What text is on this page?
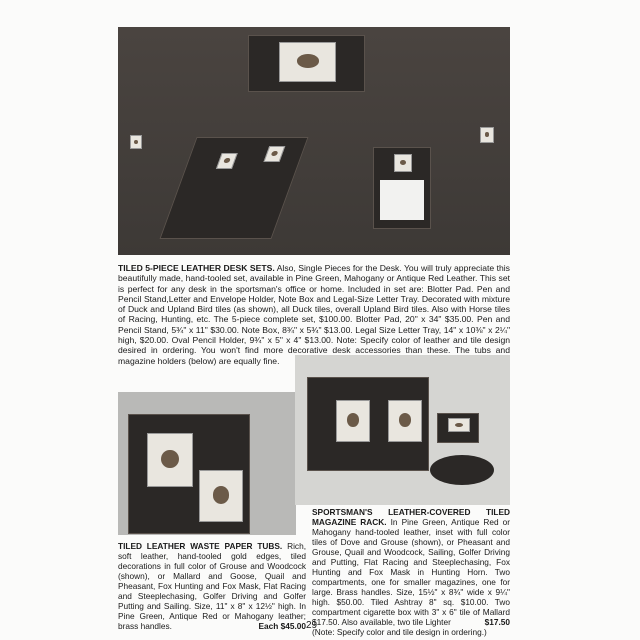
TILED 5-PIECE LEATHER DESK SETS. Also, Single Pieces for the Desk. You will truly appreciate this beautifully made, hand-tooled set, available in Pine Green, Mahogany or Antique Red Leather. This set is perfect for any desk in the sportsman's office or home. Included in set are: Blotter Pad. Pen and Pencil Stand,Letter and Envelope Holder, Note Box and Legal-Size Letter Tray. Decorated with mixture of Duck and Upland Bird tiles (as shown), all Duck tiles, overall Upland Bird tiles. Also with Horse tiles of Racing, Hunting, etc. The 5-piece complete set, $100.00. Blotter Pad, 20" x 34" $35.00. Pen and Pencil Stand, 5¾" x 11" $30.00. Note Box, 8¾" x 5¾" $13.00. Legal Size Letter Tray, 14" x 10⅜" x 2¼" high, $20.00. Oval Pencil Holder, 9¾" x 5" x 4" $13.00. Note: Specify color of leather and tile design desired in ordering. You won't find more decorative desk accessories than these. The tubs and magazine holders (below) are equally fine.
TILED LEATHER WASTE PAPER TUBS. Rich, soft leather, hand-tooled gold edges, tiled decorations in full color of Grouse and Woodcock (shown), or Mallard and Goose, Quail and Pheasant, Fox Hunting and Fox Mask, Flat Racing and Steeplechasing, Golfer Driving and Golfer Putting and Sailing. Size, 11" x 8" x 12½" high. In Pine Green, Antique Red or Mahogany leather; brass handles.	Each $45.00
SPORTSMAN'S LEATHER-COVERED TILED MAGAZINE RACK. In Pine Green, Antique Red or Mahogany hand-tooled leather, inset with full color tiles of Dove and Grouse (shown), or Pheasant and Grouse, Quail and Woodcock, Sailing, Golfer Driving and Putting, Flat Racing and Steeplechasing, Fox Hunting and Fox Mask in Hunting Horn. Two compartments, one for smaller magazines, one for large. Brass handles. Size, 15½" x 8¾" wide x 9¼" high. $50.00. Tiled Ashtray 8" sq. $10.00. Two compartment cigarette box with 3" x 6" tile of Mallard $17.50. Also available, two tile Lighter	$17.50
(Note: Specify color and tile design in ordering.)
29
